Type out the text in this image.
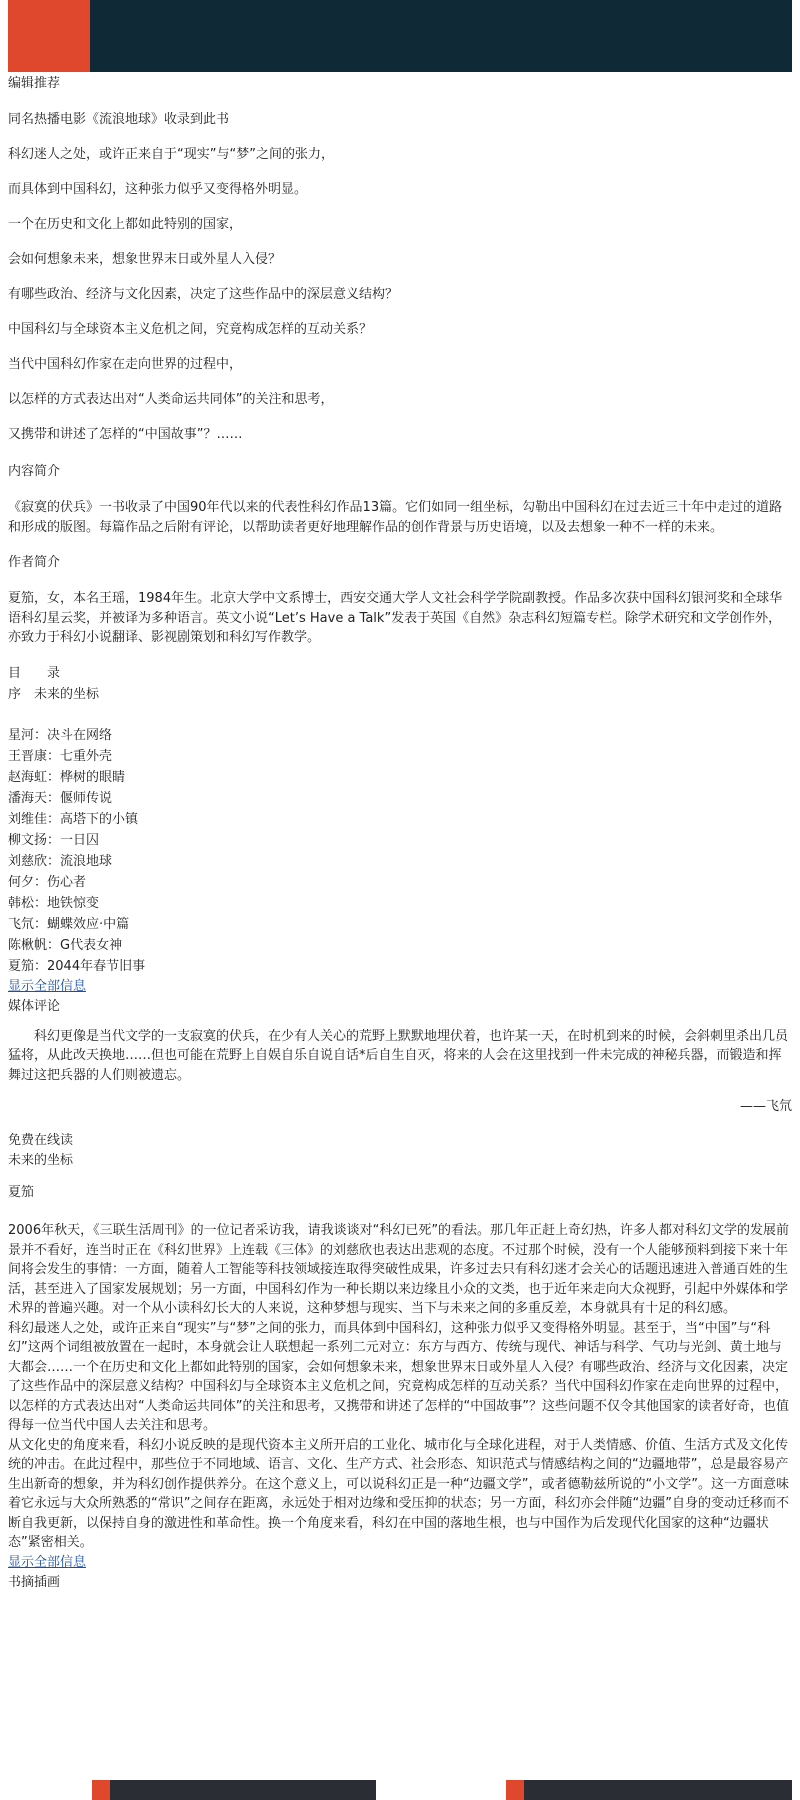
编辑推荐

同名热播电影《流浪地球》收录到此书

科幻迷人之处，或许正来自于“现实”与“梦”之间的张力，

而具体到中国科幻，这种张力似乎又变得格外明显。

一个在历史和文化上都如此特别的国家，

会如何想象未来，想象世界末日或外星人入侵？

有哪些政治、经济与文化因素，决定了这些作品中的深层意义结构？

中国科幻与全球资本主义危机之间，究竟构成怎样的互动关系？

当代中国科幻作家在走向世界的过程中，

以怎样的方式表达出对“人类命运共同体”的关注和思考，

又携带和讲述了怎样的“中国故事”？……

内容简介

《寂寞的伏兵》一书收录了中国90年代以来的代表性科幻作品13篇。它们如同一组坐标，勾勒出中国科幻在过去近三十年中走过的道路和形成的版图。每篇作品之后附有评论，以帮助读者更好地理解作品的创作背景与历史语境，以及去想象一种不一样的未来。

作者简介

夏笳，女，本名王瑶，1984年生。北京大学中文系博士，西安交通大学人文社会科学学院副教授。作品多次获中国科幻银河奖和全球华语科幻星云奖，并被译为多种语言。英文小说“Let’s Have a Talk”发表于英国《自然》杂志科幻短篇专栏。除学术研究和文学创作外，亦致力于科幻小说翻译、影视剧策划和科幻写作教学。

目　　录
序　未来的坐标
星河：决斗在网络
王晋康：七重外壳
赵海虹：桦树的眼睛
潘海天：偃师传说
刘维佳：高塔下的小镇
柳文扬：一日囚
刘慈欣：流浪地球
何夕：伤心者
韩松：地铁惊变
飞氘：蝴蝶效应·中篇
陈楸帆：G代表女神
夏笳：2044年春节旧事
显示全部信息
媒体评论

　　科幻更像是当代文学的一支寂寞的伏兵，在少有人关心的荒野上默默地埋伏着，也许某一天，在时机到来的时候，会斜刺里杀出几员猛将，从此改天换地……但也可能在荒野上自娱自乐自说自话*后自生自灭，将来的人会在这里找到一件未完成的神秘兵器，而锻造和挥舞过这把兵器的人们则被遗忘。

——飞氘
免费在线读
未来的坐标
夏笳

2006年秋天，《三联生活周刊》的一位记者采访我，请我谈谈对“科幻已死”的看法。那几年正赶上奇幻热，许多人都对科幻文学的发展前景并不看好，连当时正在《科幻世界》上连载《三体》的刘慈欣也表达出悲观的态度。不过那个时候，没有一个人能够预料到接下来十年间将会发生的事情：一方面，随着人工智能等科技领域接连取得突破性成果，许多过去只有科幻迷才会关心的话题迅速进入普通百姓的生活，甚至进入了国家发展规划；另一方面，中国科幻作为一种长期以来边缘且小众的文类，也于近年来走向大众视野，引起中外媒体和学术界的普遍兴趣。对一个从小读科幻长大的人来说，这种梦想与现实、当下与未来之间的多重反差，本身就具有十足的科幻感。

科幻最迷人之处，或许正来自“现实”与“梦”之间的张力，而具体到中国科幻，这种张力似乎又变得格外明显。甚至于，当“中国”与“科幻”这两个词组被放置在一起时，本身就会让人联想起一系列二元对立：东方与西方、传统与现代、神话与科学、气功与光剑、黄土地与大都会……一个在历史和文化上都如此特别的国家，会如何想象未来，想象世界末日或外星人入侵？有哪些政治、经济与文化因素，决定了这些作品中的深层意义结构？中国科幻与全球资本主义危机之间，究竟构成怎样的互动关系？当代中国科幻作家在走向世界的过程中，以怎样的方式表达出对“人类命运共同体”的关注和思考，又携带和讲述了怎样的“中国故事”？这些问题不仅令其他国家的读者好奇，也值得每一位当代中国人去关注和思考。

从文化史的角度来看，科幻小说反映的是现代资本主义所开启的工业化、城市化与全球化进程，对于人类情感、价值、生活方式及文化传统的冲击。在此过程中，那些位于不同地域、语言、文化、生产方式、社会形态、知识范式与情感结构之间的“边疆地带”，总是最容易产生出新奇的想象，并为科幻创作提供养分。在这个意义上，可以说科幻正是一种“边疆文学”，或者德勒兹所说的“小文学”。这一方面意味着它永远与大众所熟悉的“常识”之间存在距离，永远处于相对边缘和受压抑的状态；另一方面，科幻亦会伴随“边疆”自身的变动迁移而不断自我更新，以保持自身的激进性和革命性。换一个角度来看，科幻在中国的落地生根，也与中国作为后发现代化国家的这种“边疆状态”紧密相关。

显示全部信息
书摘插画
